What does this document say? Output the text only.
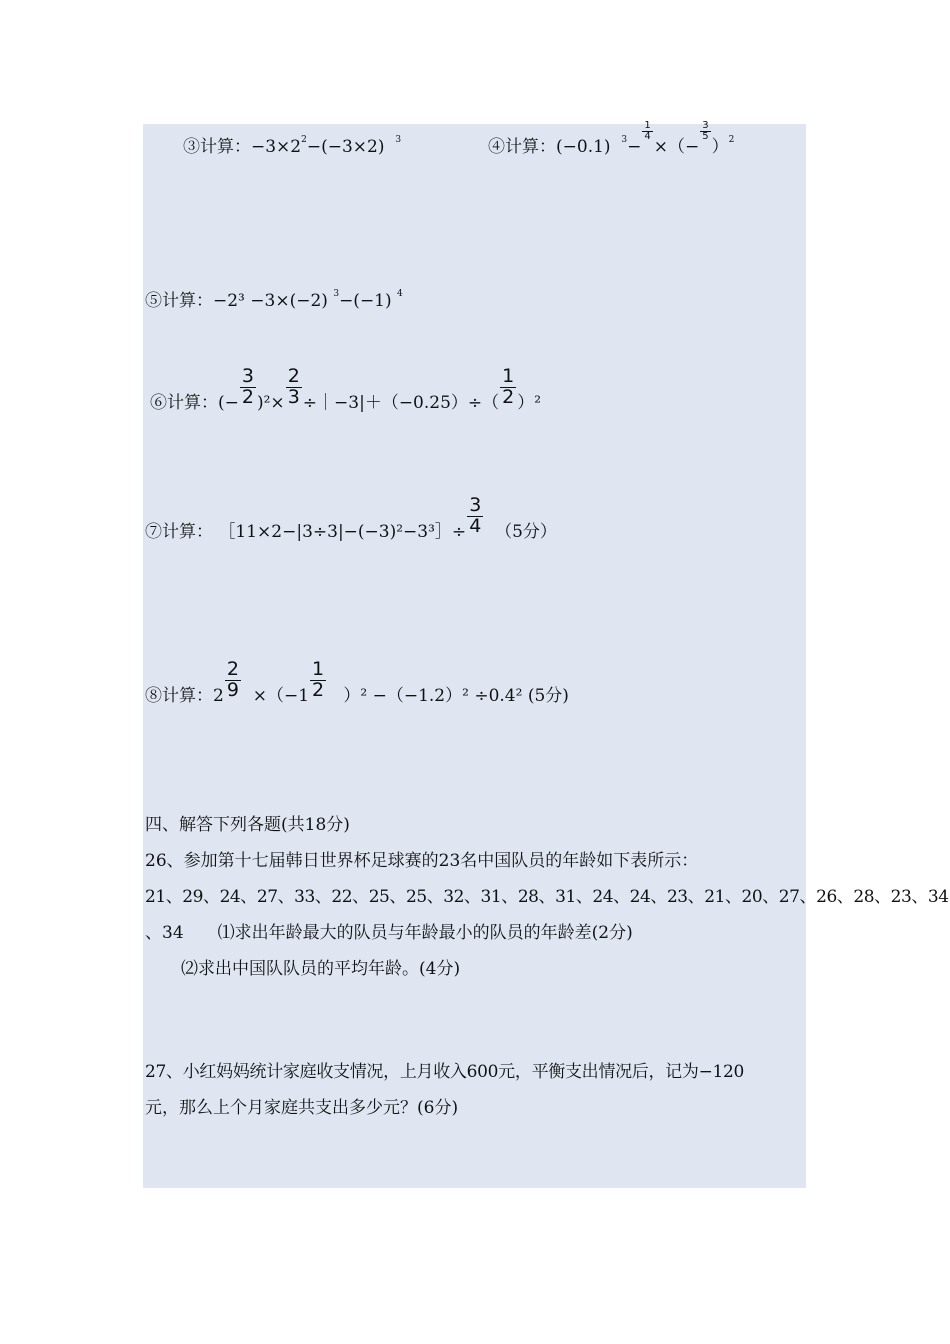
③计算：$-3\times 2^2-(-3\times 2)$ $^3$	④计算：(−0.1) $^3$−
$\frac{1}{4}$
×（−
$\frac{3}{5}$
）$^2$
⑤计算：−2³ −3×(−2) $^3$−(−1) $^4$
⑥计算：(− $\frac{3}{2} )^2\times \frac{2}{3}$ ÷｜−3|＋（−0.25）÷（ $\frac{1}{2} )^2$
⑦计算： ［11×2−|3÷3|−(−3)²−3³］÷ $\frac{3}{4} (5$分）
⑧计算：$2 \frac{2}{9} \times(-1 \frac{1}{2} )^2 -(-1.2)^2 \div 0.4^2$ (5分)
四、解答下列各题(共18分)
26、参加第十七届韩日世界杯足球赛的23名中国队员的年龄如下表所示：
21、29、24、27、33、22、25、25、32、31、28、31、24、24、23、21、20、27、26、28、23、34
、34　　⑴求出年龄最大的队员与年龄最小的队员的年龄差(2分)
⑵求出中国队队员的平均年龄。(4分)
27、小红妈妈统计家庭收支情况，上月收入600元，平衡支出情况后，记为−120
元，那么上个月家庭共支出多少元？(6分)
